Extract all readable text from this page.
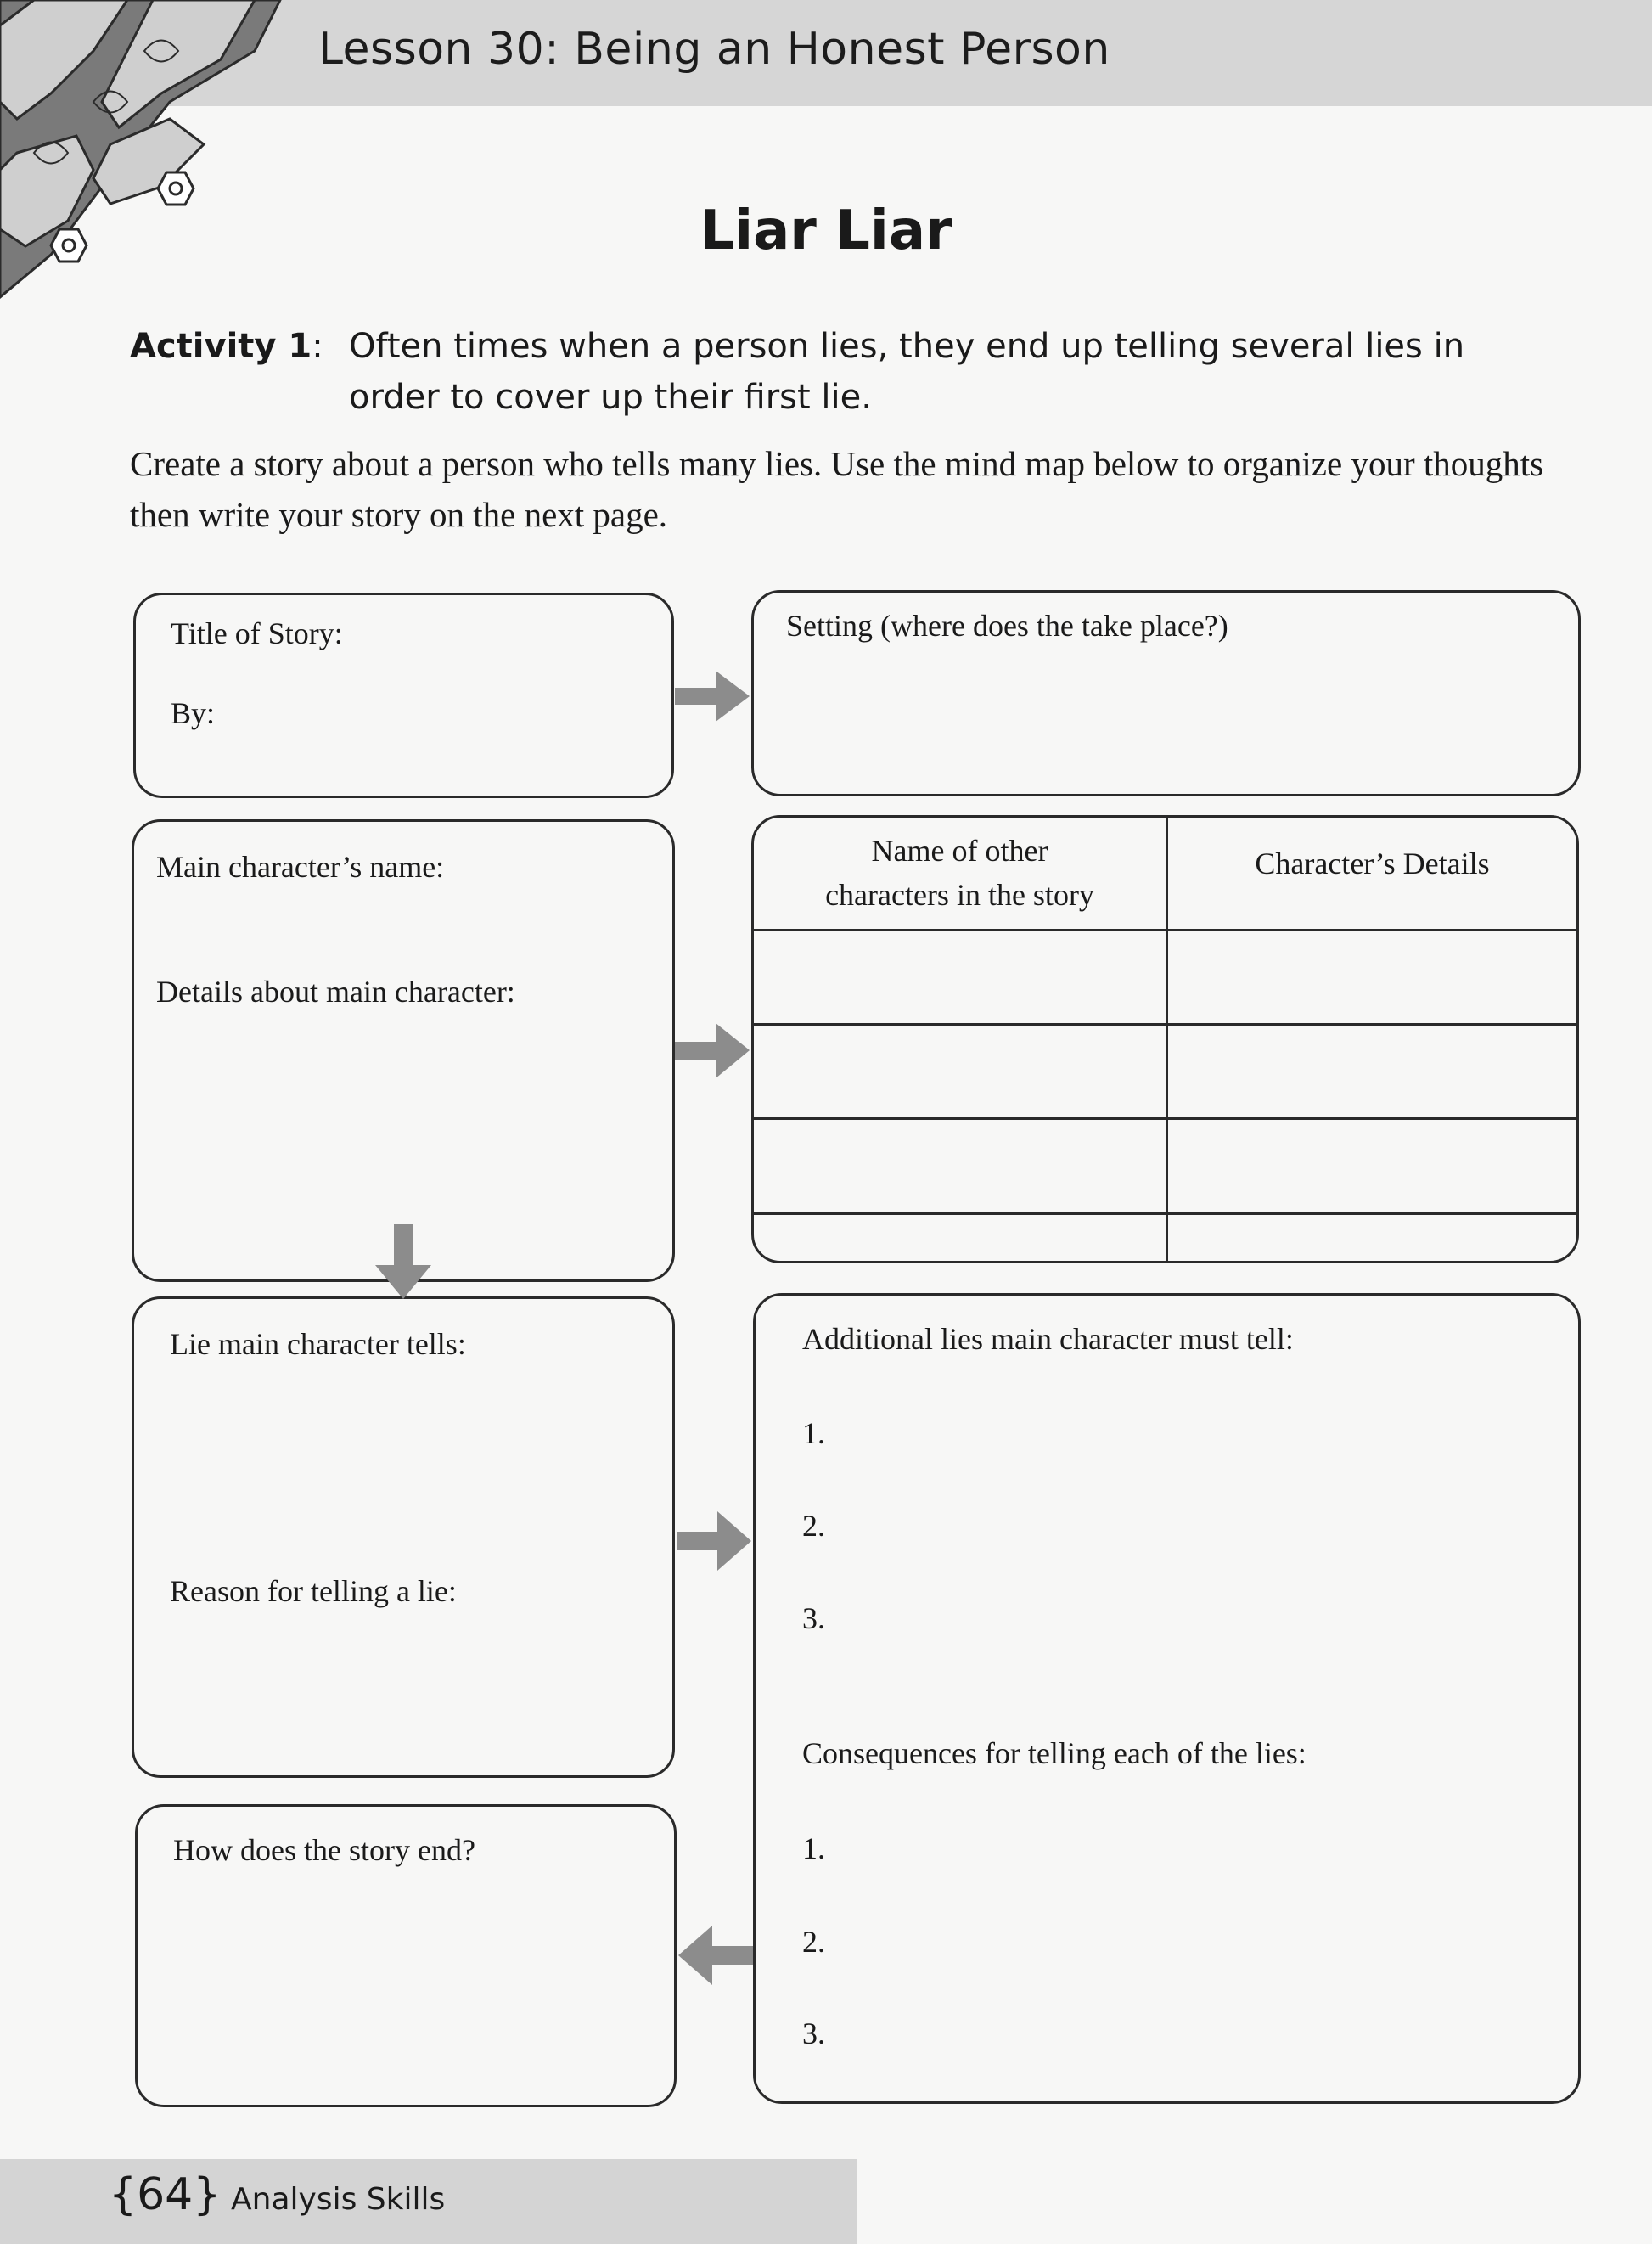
Lesson 30: Being an Honest Person
Liar Liar
Activity 1: Often times when a person lies, they end up telling several lies in order to cover up their first lie.
Create a story about a person who tells many lies. Use the mind map below to organize your thoughts then write your story on the next page.
Title of Story:
By:
Setting (where does the take place?)
Main character’s name:
Details about main character:
Name of other
characters in the story	Character’s Details

Lie main character tells:
Reason for telling a lie:
Additional lies main character must tell:
1.
2.
3.
Consequences for telling each of the lies:
1.
2.
3.
How does the story end?
{64} Analysis Skills
